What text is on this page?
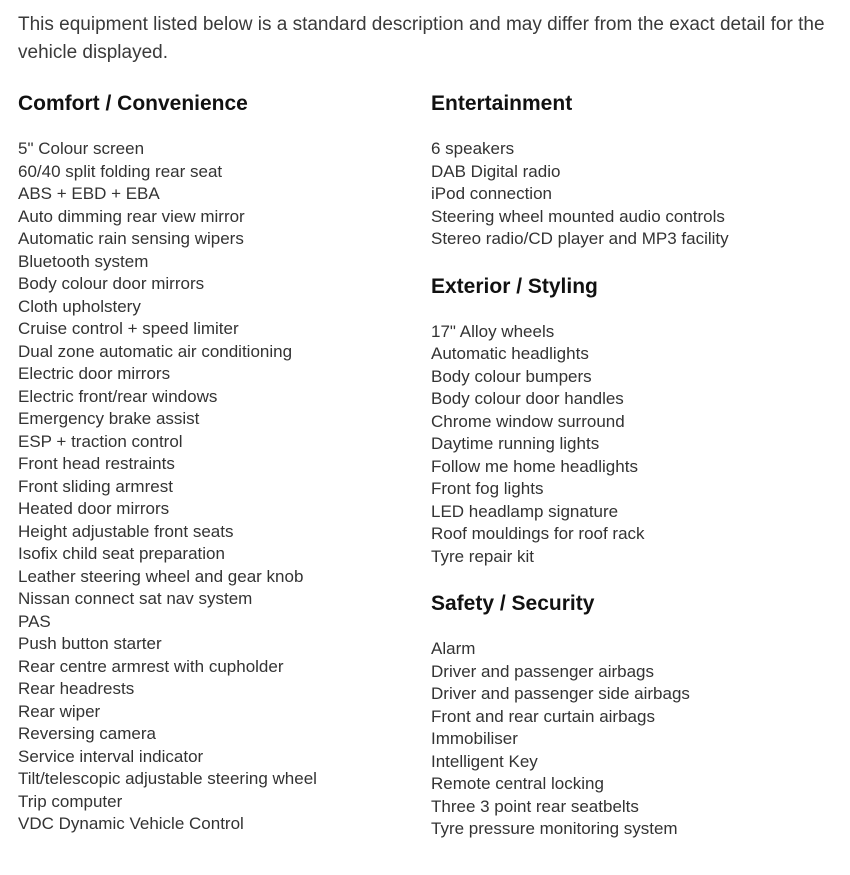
This equipment listed below is a standard description and may differ from the exact detail for the vehicle displayed.

Comfort / Convenience
5" Colour screen
60/40 split folding rear seat
ABS + EBD + EBA
Auto dimming rear view mirror
Automatic rain sensing wipers
Bluetooth system
Body colour door mirrors
Cloth upholstery
Cruise control + speed limiter
Dual zone automatic air conditioning
Electric door mirrors
Electric front/rear windows
Emergency brake assist
ESP + traction control
Front head restraints
Front sliding armrest
Heated door mirrors
Height adjustable front seats
Isofix child seat preparation
Leather steering wheel and gear knob
Nissan connect sat nav system
PAS
Push button starter
Rear centre armrest with cupholder
Rear headrests
Rear wiper
Reversing camera
Service interval indicator
Tilt/telescopic adjustable steering wheel
Trip computer
VDC Dynamic Vehicle Control
Entertainment
6 speakers
DAB Digital radio
iPod connection
Steering wheel mounted audio controls
Stereo radio/CD player and MP3 facility
Exterior / Styling
17" Alloy wheels
Automatic headlights
Body colour bumpers
Body colour door handles
Chrome window surround
Daytime running lights
Follow me home headlights
Front fog lights
LED headlamp signature
Roof mouldings for roof rack
Tyre repair kit
Safety / Security
Alarm
Driver and passenger airbags
Driver and passenger side airbags
Front and rear curtain airbags
Immobiliser
Intelligent Key
Remote central locking
Three 3 point rear seatbelts
Tyre pressure monitoring system
